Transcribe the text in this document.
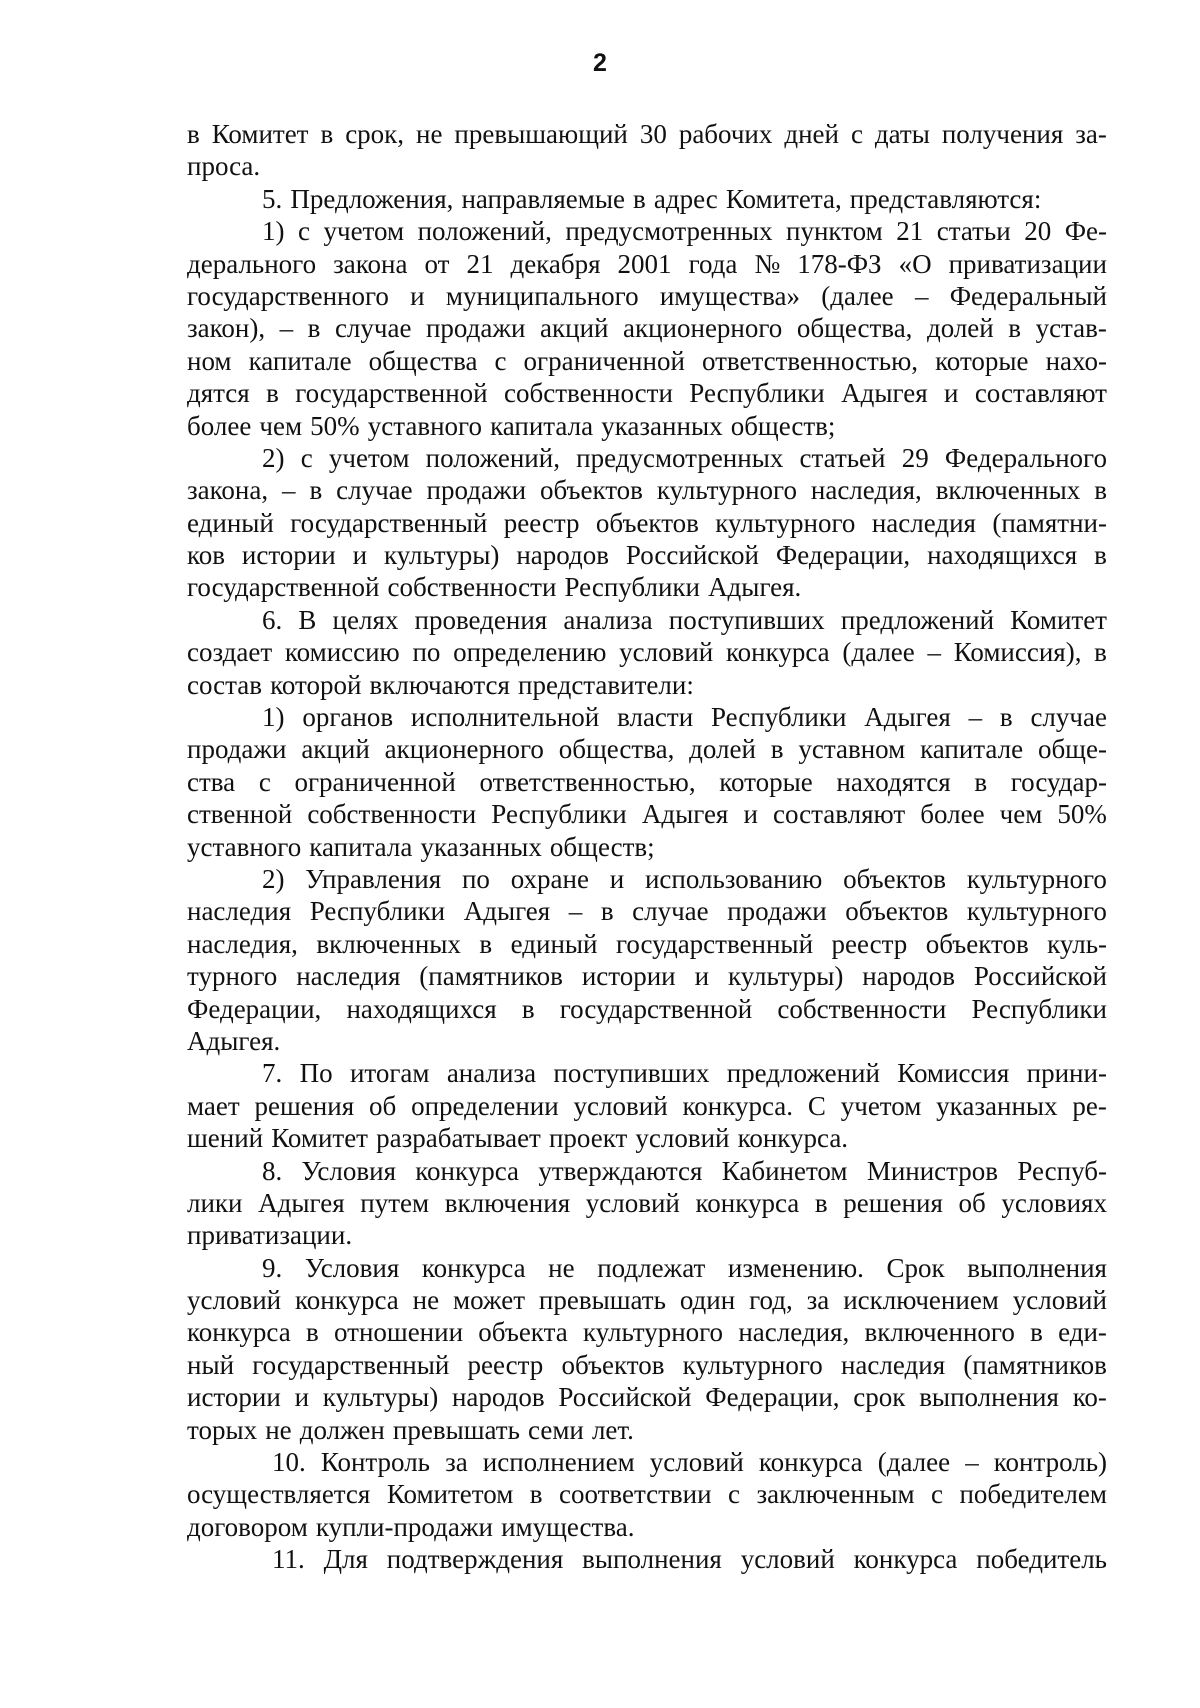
2
в Комитет в срок, не превышающий 30 рабочих дней с даты получения за-
проса.
5. Предложения, направляемые в адрес Комитета, представляются:
1) с учетом положений, предусмотренных пунктом 21 статьи 20 Фе-
дерального закона от 21 декабря 2001 года № 178-ФЗ «О приватизации
государственного и муниципального имущества» (далее – Федеральный
закон), – в случае продажи акций акционерного общества, долей в устав-
ном капитале общества с ограниченной ответственностью, которые нахо-
дятся в государственной собственности Республики Адыгея и составляют
более чем 50% уставного капитала указанных обществ;
2) с учетом положений, предусмотренных статьей 29 Федерального
закона, – в случае продажи объектов культурного наследия, включенных в
единый государственный реестр объектов культурного наследия (памятни-
ков истории и культуры) народов Российской Федерации, находящихся в
государственной собственности Республики Адыгея.
6. В целях проведения анализа поступивших предложений Комитет
создает комиссию по определению условий конкурса (далее – Комиссия), в
состав которой включаются представители:
1) органов исполнительной власти Республики Адыгея – в случае
продажи акций акционерного общества, долей в уставном капитале обще-
ства с ограниченной ответственностью, которые находятся в государ-
ственной собственности Республики Адыгея и составляют более чем 50%
уставного капитала указанных обществ;
2) Управления по охране и использованию объектов культурного
наследия Республики Адыгея – в случае продажи объектов культурного
наследия, включенных в единый государственный реестр объектов куль-
турного наследия (памятников истории и культуры) народов Российской
Федерации, находящихся в государственной собственности Республики
Адыгея.
7. По итогам анализа поступивших предложений Комиссия прини-
мает решения об определении условий конкурса. С учетом указанных ре-
шений Комитет разрабатывает проект условий конкурса.
8. Условия конкурса утверждаются Кабинетом Министров Респуб-
лики Адыгея путем включения условий конкурса в решения об условиях
приватизации.
9. Условия конкурса не подлежат изменению. Срок выполнения
условий конкурса не может превышать один год, за исключением условий
конкурса в отношении объекта культурного наследия, включенного в еди-
ный государственный реестр объектов культурного наследия (памятников
истории и культуры) народов Российской Федерации, срок выполнения ко-
торых не должен превышать семи лет.
10. Контроль за исполнением условий конкурса (далее – контроль)
осуществляется Комитетом в соответствии с заключенным с победителем
договором купли-продажи имущества.
11. Для подтверждения выполнения условий конкурса победитель
